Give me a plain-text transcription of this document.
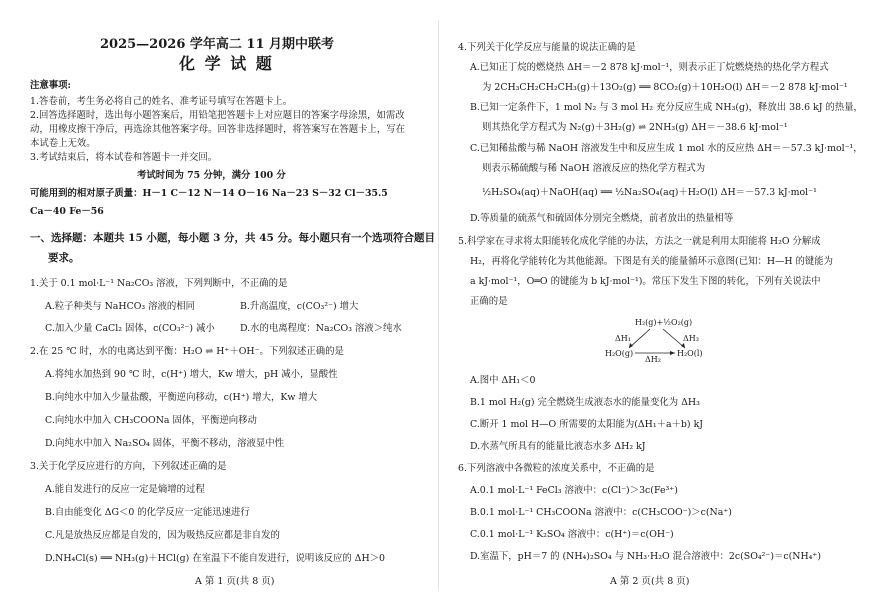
2025—2026 学年高二 11 月期中联考
化 学 试 题
注意事项:
1.答卷前，考生务必将自己的姓名、准考证号填写在答题卡上。
2.回答选择题时，选出每小题答案后，用铅笔把答题卡上对应题目的答案字母涂黑，如需改
动，用橡皮擦干净后，再选涂其他答案字母。回答非选择题时，将答案写在答题卡上，写在
本试卷上无效。
3.考试结束后，将本试卷和答题卡一并交回。
考试时间为 75 分钟，满分 100 分
可能用到的相对原子质量：H－1 C－12 N－14 O－16 Na－23 S－32 Cl－35.5
Ca－40 Fe－56
一、选择题：本题共 15 小题，每小题 3 分，共 45 分。每小题只有一个选项符合题目
要求。
1.关于 0.1 mol·L⁻¹ Na₂CO₃ 溶液，下列判断中，不正确的是
A.粒子种类与 NaHCO₃ 溶液的相同	B.升高温度，c(CO₃²⁻) 增大
C.加入少量 CaCl₂ 固体，c(CO₃²⁻) 减小	D.水的电离程度：Na₂CO₃ 溶液＞纯水
2.在 25 ℃ 时，水的电离达到平衡：H₂O ⇌ H⁺＋OH⁻。下列叙述正确的是
A.将纯水加热到 90 ℃ 时，c(H⁺) 增大，Kw 增大，pH 减小，显酸性
B.向纯水中加入少量盐酸，平衡逆向移动，c(H⁺) 增大，Kw 增大
C.向纯水中加入 CH₃COONa 固体，平衡逆向移动
D.向纯水中加入 Na₂SO₄ 固体，平衡不移动，溶液显中性
3.关于化学反应进行的方向，下列叙述正确的是
A.能自发进行的反应一定是熵增的过程
B.自由能变化 ΔG＜0 的化学反应一定能迅速进行
C.凡是放热反应都是自发的，因为吸热反应都是非自发的
D.NH₄Cl(s) ══ NH₃(g)＋HCl(g) 在室温下不能自发进行，说明该反应的 ΔH＞0
A 第 1 页(共 8 页)
4.下列关于化学反应与能量的说法正确的是
A.已知正丁烷的燃烧热 ΔH＝－2 878 kJ·mol⁻¹，则表示正丁烷燃烧热的热化学方程式
为 2CH₃CH₂CH₂CH₃(g)＋13O₂(g) ══ 8CO₂(g)＋10H₂O(l) ΔH＝－2 878 kJ·mol⁻¹
B.已知一定条件下，1 mol N₂ 与 3 mol H₂ 充分反应生成 NH₃(g)，释放出 38.6 kJ 的热量，
则其热化学方程式为 N₂(g)＋3H₂(g) ⇌ 2NH₃(g) ΔH＝－38.6 kJ·mol⁻¹
C.已知稀盐酸与稀 NaOH 溶液发生中和反应生成 1 mol 水的反应热 ΔH＝－57.3 kJ·mol⁻¹，
则表示稀硫酸与稀 NaOH 溶液反应的热化学方程式为
½H₂SO₄(aq)＋NaOH(aq) ══ ½Na₂SO₄(aq)＋H₂O(l) ΔH＝－57.3 kJ·mol⁻¹
D.等质量的硫蒸气和硫固体分别完全燃烧，前者放出的热量相等
5.科学家在寻求将太阳能转化成化学能的办法，方法之一就是利用太阳能将 H₂O 分解成
H₂，再将化学能转化为其他能源。下图是有关的能量循环示意图(已知：H—H 的键能为
a kJ·mol⁻¹，O═O 的键能为 b kJ·mol⁻¹)。常压下发生下图的转化，下列有关说法中
正确的是
H₂(g)+½O₂(g)
ΔH₁	ΔH₃
H₂O(g)
ΔH₂
H₂O(l)
A.图中 ΔH₁＜0
B.1 mol H₂(g) 完全燃烧生成液态水的能量变化为 ΔH₃
C.断开 1 mol H—O 所需要的太阳能为(ΔH₁＋a＋b) kJ
D.水蒸气所具有的能量比液态水多 ΔH₂ kJ
6.下列溶液中各微粒的浓度关系中，不正确的是
A.0.1 mol·L⁻¹ FeCl₃ 溶液中：c(Cl⁻)＞3c(Fe³⁺)
B.0.1 mol·L⁻¹ CH₃COONa 溶液中：c(CH₃COO⁻)＞c(Na⁺)
C.0.1 mol·L⁻¹ K₂SO₄ 溶液中：c(H⁺)＝c(OH⁻)
D.室温下，pH＝7 的 (NH₄)₂SO₄ 与 NH₃·H₂O 混合溶液中：2c(SO₄²⁻)＝c(NH₄⁺)
A 第 2 页(共 8 页)
